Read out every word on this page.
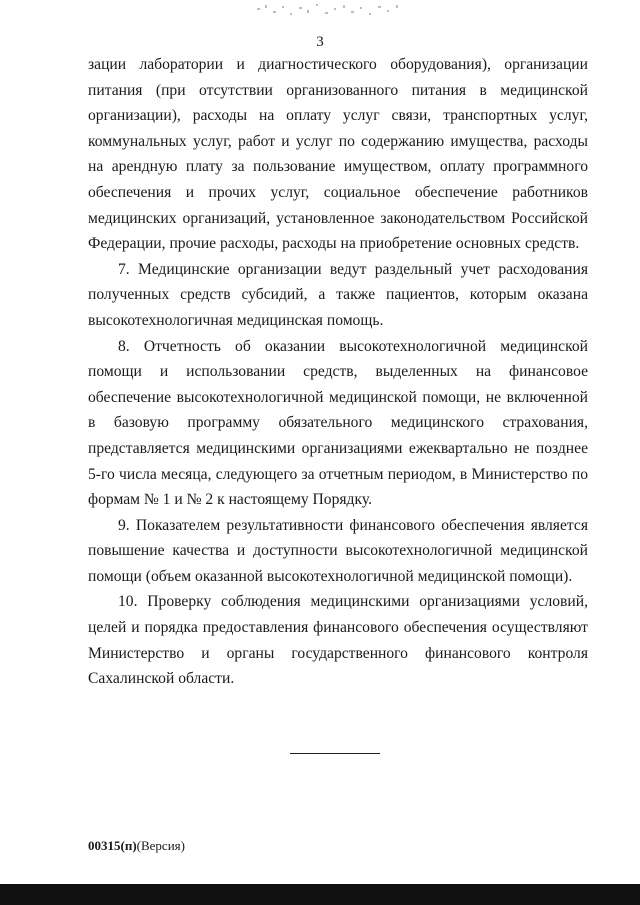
3

зации лаборатории и диагностического оборудования), организации питания (при отсутствии организованного питания в медицинской организации), расходы на оплату услуг связи, транспортных услуг, коммунальных услуг, работ и услуг по содержанию имущества, расходы на арендную плату за пользование имуществом, оплату программного обеспечения и прочих услуг, социальное обеспечение работников медицинских организаций, установленное законодательством Российской Федерации, прочие расходы, расходы на приобретение основных средств.

7. Медицинские организации ведут раздельный учет расходования полученных средств субсидий, а также пациентов, которым оказана высокотехнологичная медицинская помощь.

8. Отчетность об оказании высокотехнологичной медицинской помощи и использовании средств, выделенных на финансовое обеспечение высокотехнологичной медицинской помощи, не включенной в базовую программу обязательного медицинского страхования, представляется медицинскими организациями ежеквартально не позднее 5-го числа месяца, следующего за отчетным периодом, в Министерство по формам № 1 и № 2 к настоящему Порядку.

9. Показателем результативности финансового обеспечения является повышение качества и доступности высокотехнологичной медицинской помощи (объем оказанной высокотехнологичной медицинской помощи).

10. Проверку соблюдения медицинскими организациями условий, целей и порядка предоставления финансового обеспечения осуществляют Министерство и органы государственного финансового контроля Сахалинской области.

00315(п)(Версия)
